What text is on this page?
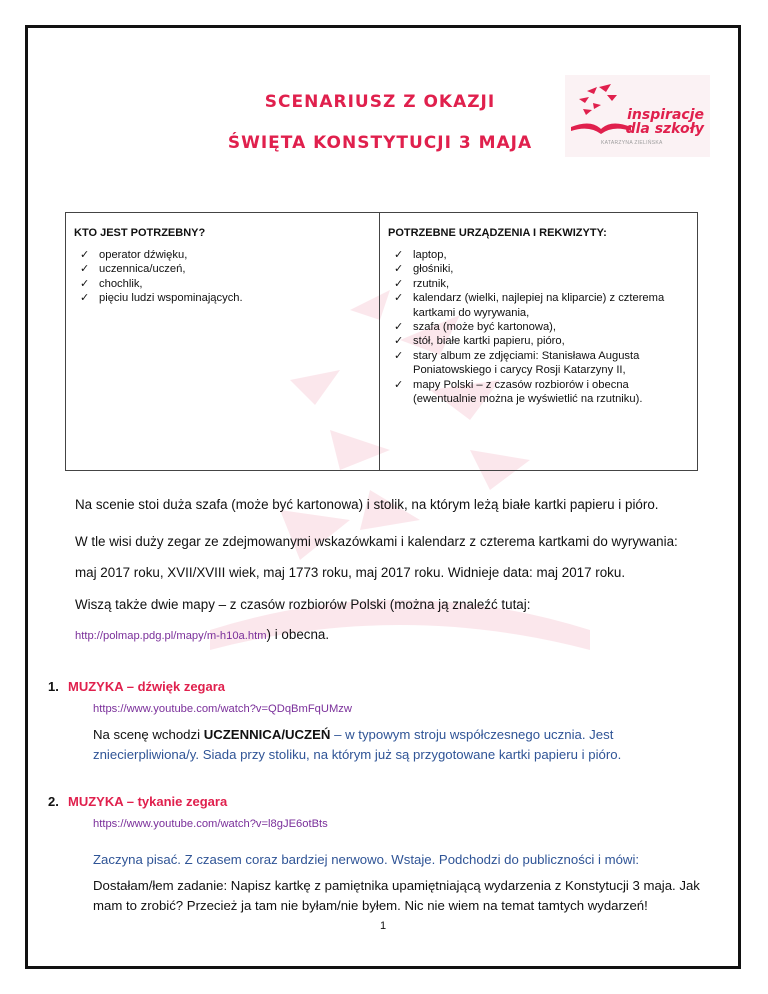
SCENARIUSZ Z OKAZJI
ŚWIĘTA KONSTYTUCJI 3 MAJA
inspiracje
dla szkoły
KATARZYNA ZIELIŃSKA
KTO JEST POTRZEBNY?
✓ operator dźwięku,
✓ uczennica/uczeń,
✓ chochlik,
✓ pięciu ludzi wspominających.
POTRZEBNE URZĄDZENIA I REKWIZYTY:
✓ laptop,
✓ głośniki,
✓ rzutnik,
✓ kalendarz (wielki, najlepiej na kliparcie) z czterema kartkami do wyrywania,
✓ szafa (może być kartonowa),
✓ stół, białe kartki papieru, pióro,
✓ stary album ze zdjęciami: Stanisława Augusta Poniatowskiego i carycy Rosji Katarzyny II,
✓ mapy Polski – z czasów rozbiorów i obecna (ewentualnie można je wyświetlić na rzutniku).
Na scenie stoi duża szafa (może być kartonowa) i stolik, na którym leżą białe kartki papieru i pióro.
W tle wisi duży zegar ze zdejmowanymi wskazówkami i kalendarz z czterema kartkami do wyrywania:
maj 2017 roku, XVII/XVIII wiek, maj 1773 roku, maj 2017 roku. Widnieje data: maj 2017 roku.
Wiszą także dwie mapy – z czasów rozbiorów Polski (można ją znaleźć tutaj:
http://polmap.pdg.pl/mapy/m-h10a.htm) i obecna.
1. MUZYKA – dźwięk zegara
https://www.youtube.com/watch?v=QDqBmFqUMzw
Na scenę wchodzi UCZENNICA/UCZEŃ – w typowym stroju współczesnego ucznia. Jest zniecierpliwiona/y. Siada przy stoliku, na którym już są przygotowane kartki papieru i pióro.
2. MUZYKA – tykanie zegara
https://www.youtube.com/watch?v=l8gJE6otBts
Zaczyna pisać. Z czasem coraz bardziej nerwowo. Wstaje. Podchodzi do publiczności i mówi:
Dostałam/łem zadanie: Napisz kartkę z pamiętnika upamiętniającą wydarzenia z Konstytucji 3 maja. Jak mam to zrobić? Przecież ja tam nie byłam/nie byłem. Nic nie wiem na temat tamtych wydarzeń!
1
